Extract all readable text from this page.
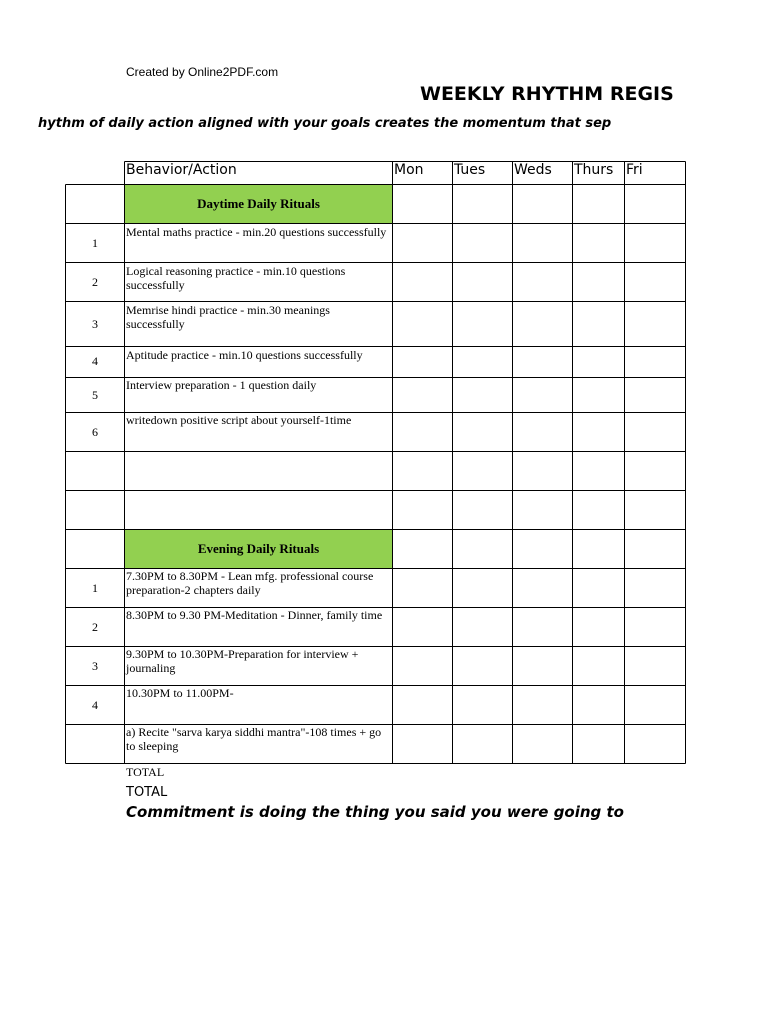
Created by Online2PDF.com
WEEKLY RHYTHM REGIS
hythm of daily action aligned with your goals creates the momentum that sep
Behavior/Action	Mon Tues Weds Thurs Fri
Daytime Daily Rituals
1
Mental maths practice - min.20 questions successfully
2
Logical reasoning practice - min.10 questions successfully
3
Memrise hindi practice - min.30 meanings successfully
4	Aptitude practice - min.10 questions successfully
5
Interview preparation - 1 question daily
6
writedown positive script about yourself-1time
Evening Daily Rituals
1
7.30PM to 8.30PM - Lean mfg. professional course preparation-2 chapters daily
2
8.30PM to 9.30 PM-Meditation - Dinner, family time
3
9.30PM to 10.30PM-Preparation for interview + journaling
4
10.30PM to 11.00PM-
a) Recite "sarva karya siddhi mantra"-108 times + go to sleeping
TOTAL
TOTAL
Commitment is doing the thing you said you were going to
